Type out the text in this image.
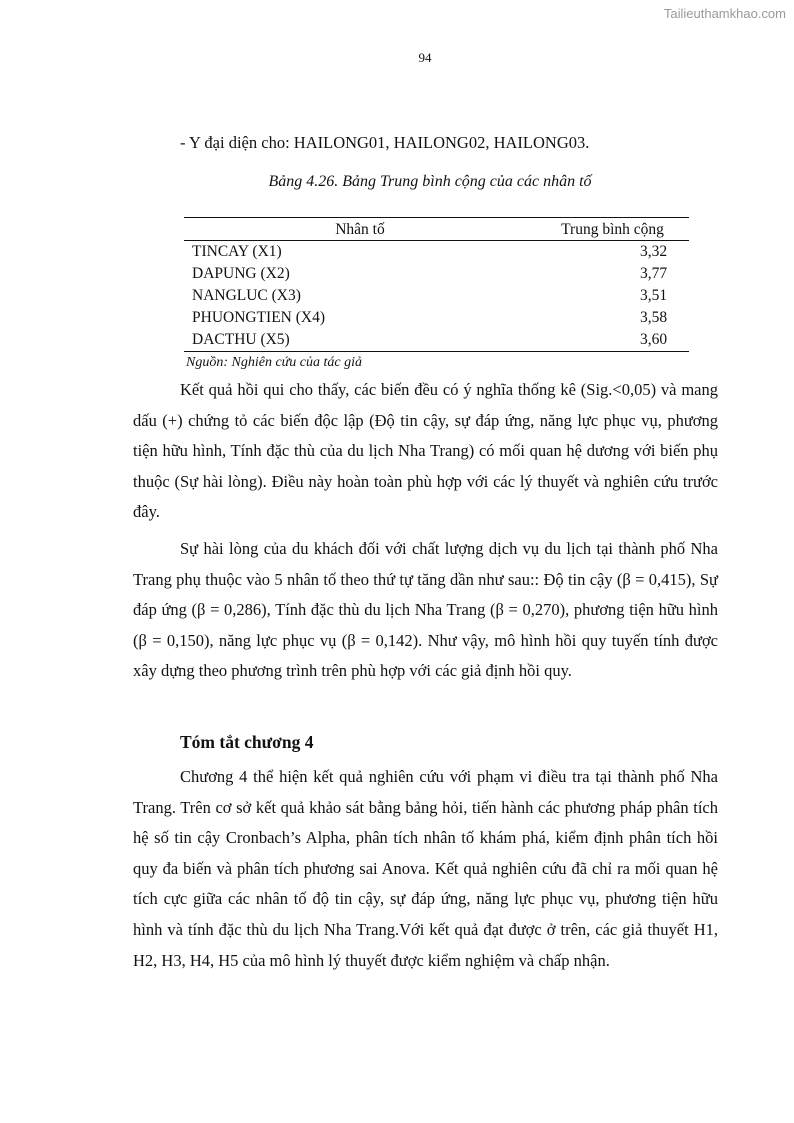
Tailieuthamkhao.com
94
- Y đại diện cho: HAILONG01, HAILONG02, HAILONG03.
Bảng 4.26. Bảng Trung bình cộng của các nhân tố
Nhân tố	Trung bình cộng
TINCAY (X1)	3,32
DAPUNG (X2)	3,77
NANGLUC (X3)	3,51
PHUONGTIEN (X4)	3,58
DACTHU (X5)	3,60
Nguồn: Nghiên cứu của tác giả

Kết quả hồi qui cho thấy, các biến đều có ý nghĩa thống kê (Sig.<0,05) và mang dấu (+) chứng tỏ các biến độc lập (Độ tin cậy, sự đáp ứng, năng lực phục vụ, phương tiện hữu hình, Tính đặc thù của du lịch Nha Trang) có mối quan hệ dương với biến phụ thuộc (Sự hài lòng). Điều này hoàn toàn phù hợp với các lý thuyết và nghiên cứu trước đây.

Sự hài lòng của du khách đối với chất lượng dịch vụ du lịch tại thành phố Nha Trang phụ thuộc vào 5 nhân tố theo thứ tự tăng dần như sau:: Độ tin cậy (β = 0,415), Sự đáp ứng (β = 0,286), Tính đặc thù du lịch Nha Trang (β = 0,270), phương tiện hữu hình (β = 0,150), năng lực phục vụ (β = 0,142). Như vậy, mô hình hồi quy tuyến tính được xây dựng theo phương trình trên phù hợp với các giả định hồi quy.

Tóm tắt chương 4

Chương 4 thể hiện kết quả nghiên cứu với phạm vi điều tra tại thành phố Nha Trang. Trên cơ sở kết quả khảo sát bằng bảng hỏi, tiến hành các phương pháp phân tích hệ số tin cậy Cronbach’s Alpha, phân tích nhân tố khám phá, kiểm định phân tích hồi quy đa biến và phân tích phương sai Anova. Kết quả nghiên cứu đã chỉ ra mối quan hệ tích cực giữa các nhân tố độ tin cậy, sự đáp ứng, năng lực phục vụ, phương tiện hữu hình và tính đặc thù du lịch Nha Trang.Với kết quả đạt được ở trên, các giả thuyết H1, H2, H3, H4, H5 của mô hình lý thuyết được kiểm nghiệm và chấp nhận.
